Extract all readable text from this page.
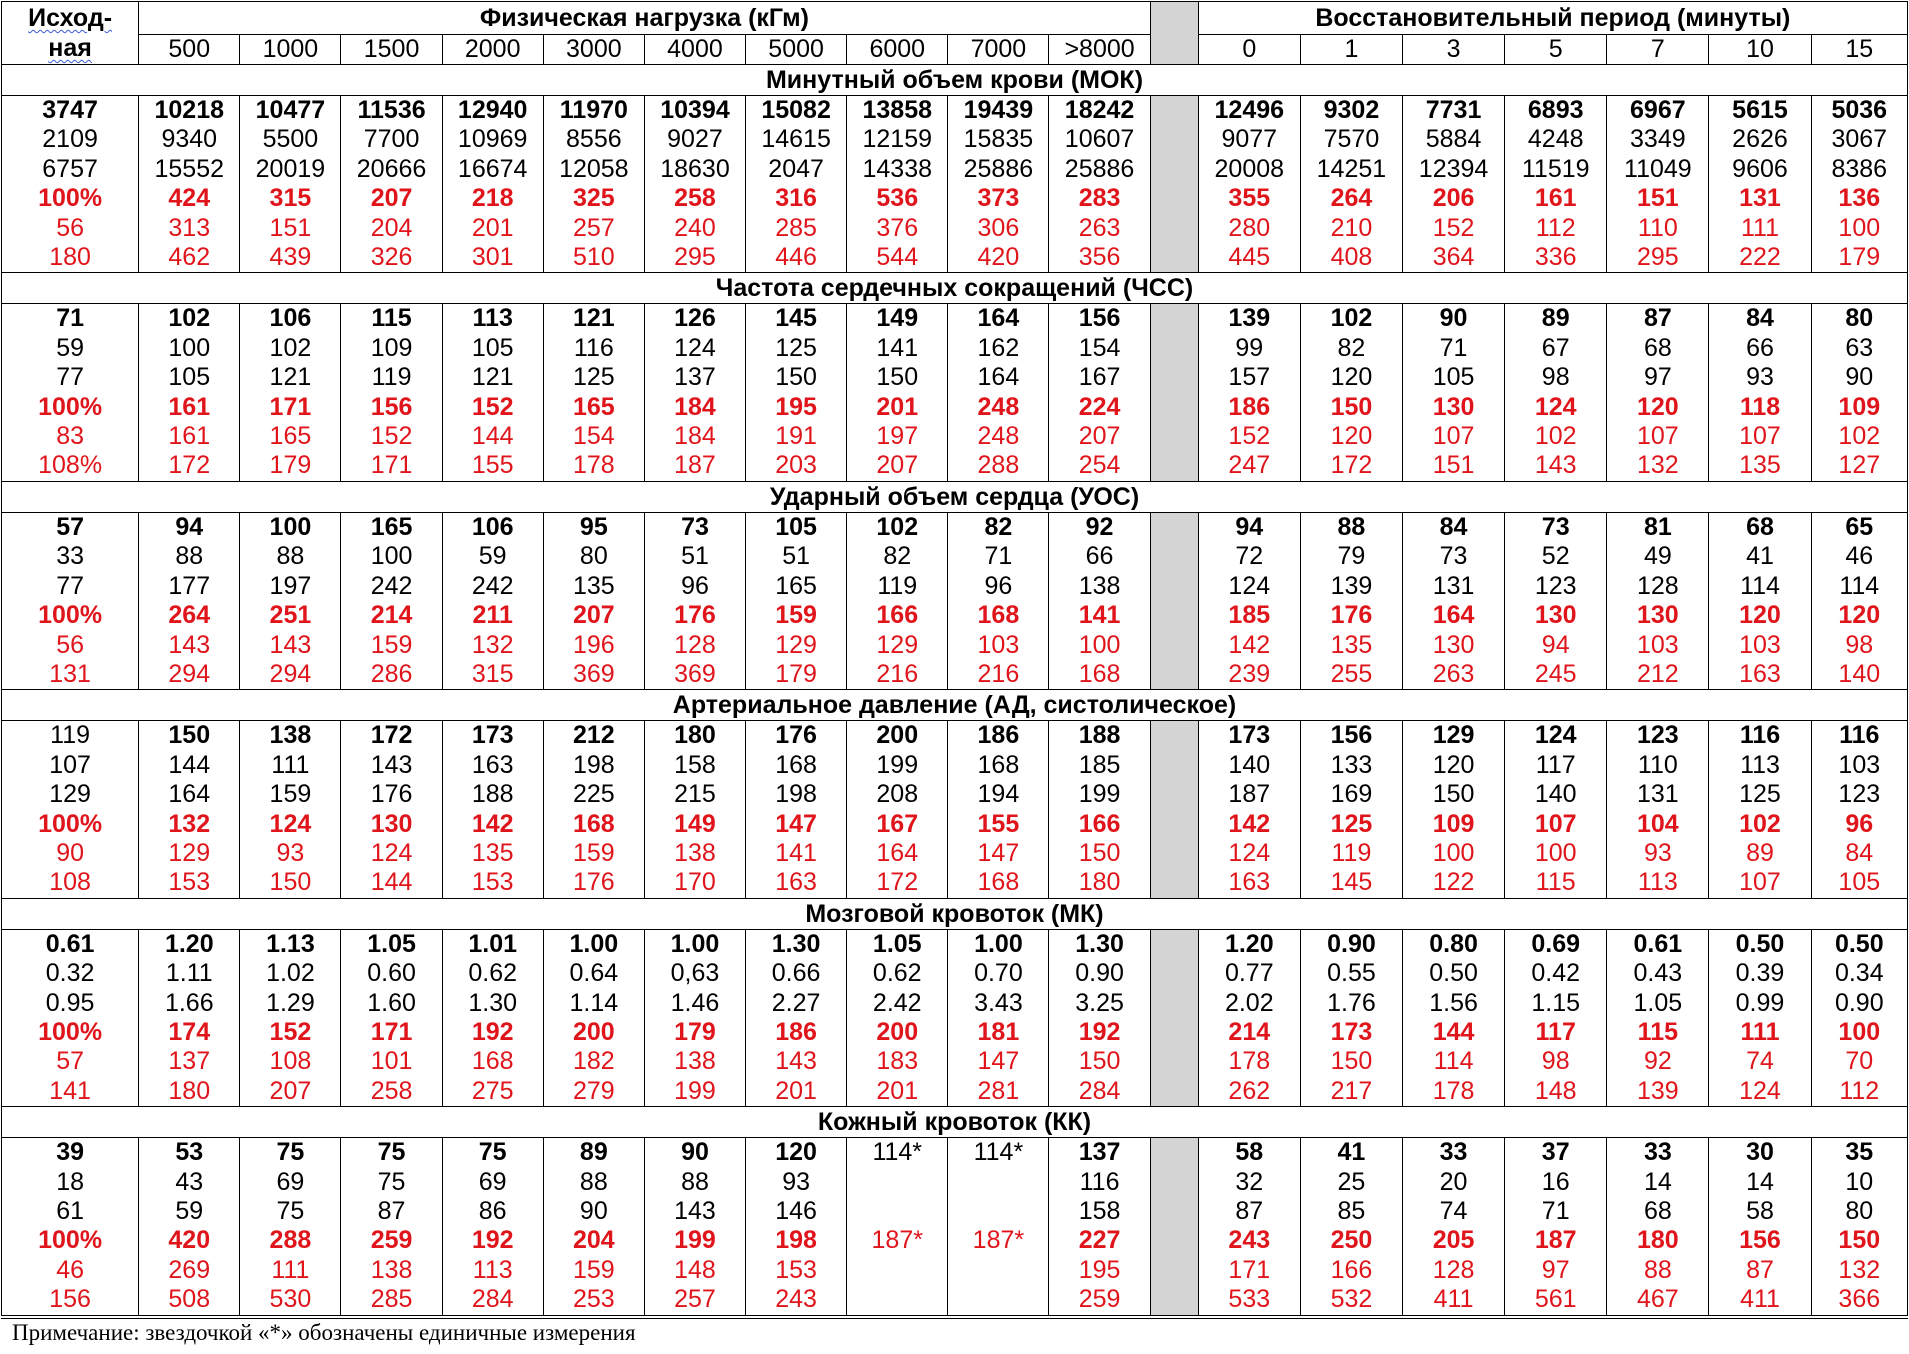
Исход-
ная	Физическая нагрузка (кГм)											Восстановительный период (минуты)						
	500	1000	1500	2000	3000	4000	5000	6000	7000	>8000		0	1	3	5	7	10	15
Минутный объем крови (МОК)																		
3747	10218	10477	11536	12940	11970	10394	15082	13858	19439	18242		12496	9302	7731	6893	6967	5615	5036
2109	9340	5500	7700	10969	8556	9027	14615	12159	15835	10607		9077	7570	5884	4248	3349	2626	3067
6757	15552	20019	20666	16674	12058	18630	2047	14338	25886	25886		20008	14251	12394	11519	11049	9606	8386
100%	424	315	207	218	325	258	316	536	373	283		355	264	206	161	151	131	136
56	313	151	204	201	257	240	285	376	306	263		280	210	152	112	110	111	100
180	462	439	326	301	510	295	446	544	420	356		445	408	364	336	295	222	179
Частота сердечных сокращений (ЧСС)																		
71	102	106	115	113	121	126	145	149	164	156		139	102	90	89	87	84	80
59	100	102	109	105	116	124	125	141	162	154		99	82	71	67	68	66	63
77	105	121	119	121	125	137	150	150	164	167		157	120	105	98	97	93	90
100%	161	171	156	152	165	184	195	201	248	224		186	150	130	124	120	118	109
83	161	165	152	144	154	184	191	197	248	207		152	120	107	102	107	107	102
108%	172	179	171	155	178	187	203	207	288	254		247	172	151	143	132	135	127
Ударный объем сердца (УОС)																		
57	94	100	165	106	95	73	105	102	82	92		94	88	84	73	81	68	65
33	88	88	100	59	80	51	51	82	71	66		72	79	73	52	49	41	46
77	177	197	242	242	135	96	165	119	96	138		124	139	131	123	128	114	114
100%	264	251	214	211	207	176	159	166	168	141		185	176	164	130	130	120	120
56	143	143	159	132	196	128	129	129	103	100		142	135	130	94	103	103	98
131	294	294	286	315	369	369	179	216	216	168		239	255	263	245	212	163	140
Артериальное давление (АД, систолическое)																		
119	150	138	172	173	212	180	176	200	186	188		173	156	129	124	123	116	116
107	144	111	143	163	198	158	168	199	168	185		140	133	120	117	110	113	103
129	164	159	176	188	225	215	198	208	194	199		187	169	150	140	131	125	123
100%	132	124	130	142	168	149	147	167	155	166		142	125	109	107	104	102	96
90	129	93	124	135	159	138	141	164	147	150		124	119	100	100	93	89	84
108	153	150	144	153	176	170	163	172	168	180		163	145	122	115	113	107	105
Мозговой кровоток (МК)																		
0.61	1.20	1.13	1.05	1.01	1.00	1.00	1.30	1.05	1.00	1.30		1.20	0.90	0.80	0.69	0.61	0.50	0.50
0.32	1.11	1.02	0.60	0.62	0.64	0,63	0.66	0.62	0.70	0.90		0.77	0.55	0.50	0.42	0.43	0.39	0.34
0.95	1.66	1.29	1.60	1.30	1.14	1.46	2.27	2.42	3.43	3.25		2.02	1.76	1.56	1.15	1.05	0.99	0.90
100%	174	152	171	192	200	179	186	200	181	192		214	173	144	117	115	111	100
57	137	108	101	168	182	138	143	183	147	150		178	150	114	98	92	74	70
141	180	207	258	275	279	199	201	201	281	284		262	217	178	148	139	124	112
Кожный кровоток (КК)																		
39	53	75	75	75	89	90	120	114*	114*	137		58	41	33	37	33	30	35
18	43	69	75	69	88	88	93			116		32	25	20	16	14	14	10
61	59	75	87	86	90	143	146			158		87	85	74	71	68	58	80
100%	420	288	259	192	204	199	198	187*	187*	227		243	250	205	187	180	156	150
46	269	111	138	113	159	148	153			195		171	166	128	97	88	87	132
156	508	530	285	284	253	257	243			259		533	532	411	561	467	411	366
Примечание: звездочкой «*» обозначены единичные измерения
